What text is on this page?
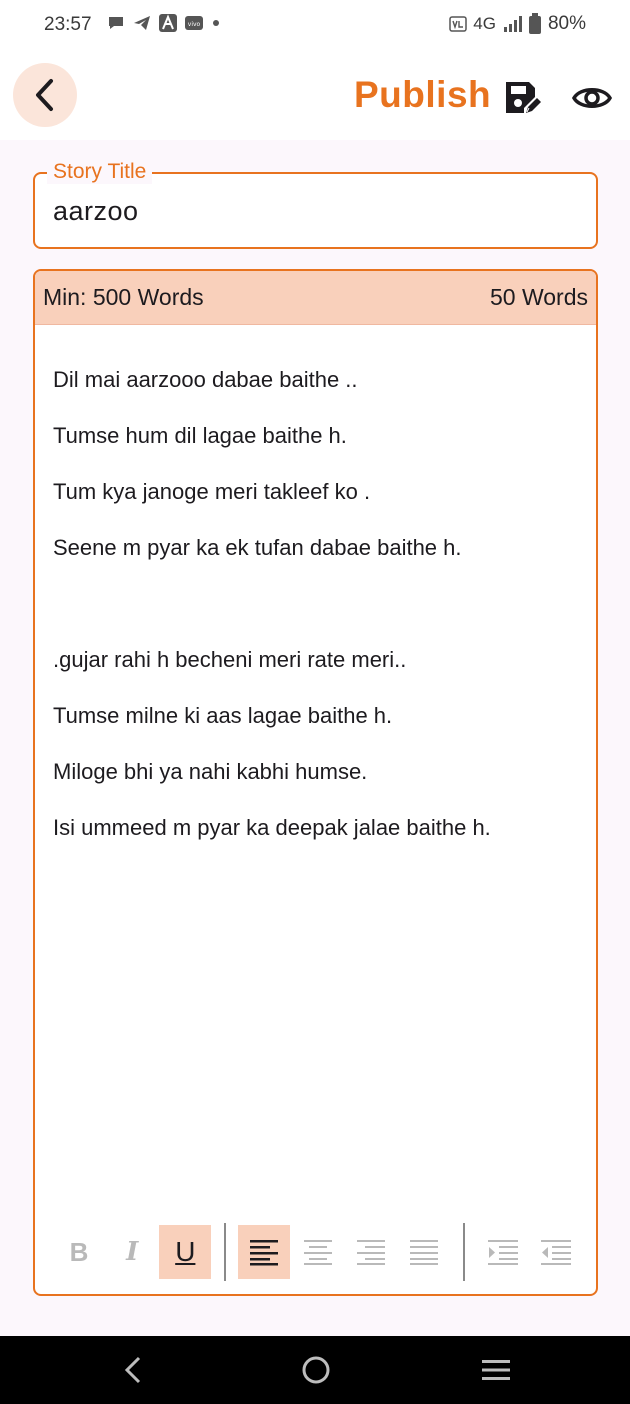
23:57	vivo	4G	80%
Publish
Story Title
aarzoo
Min: 500 Words	50 Words
Dil mai aarzooo dabae baithe ..
Tumse hum dil lagae baithe h.
Tum kya janoge meri takleef ko .
Seene m pyar ka ek tufan dabae baithe h.
.gujar rahi h becheni meri rate meri..
Tumse milne ki aas lagae baithe h.
Miloge bhi ya nahi kabhi humse.
Isi ummeed m pyar ka deepak jalae baithe h.
B I U
